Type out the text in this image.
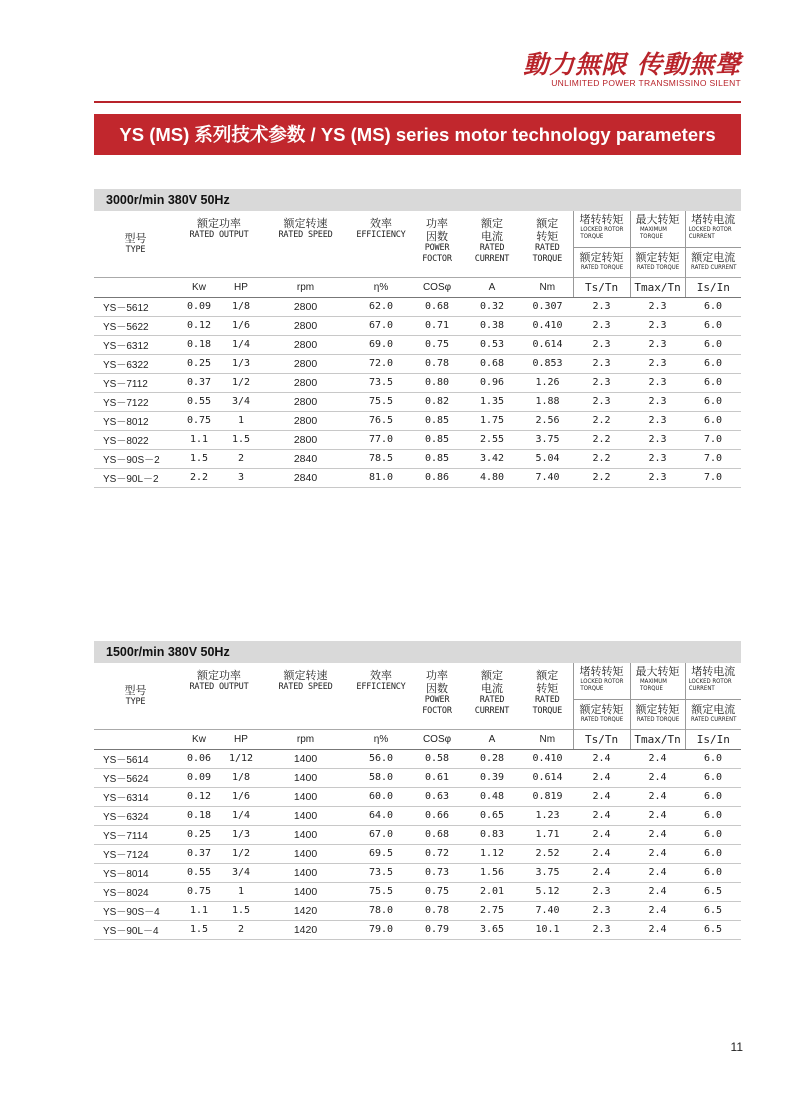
動力無限 传動無聲
UNLIMITED POWER TRANSMISSINO SILENT
YS (MS) 系列技术参数 / YS (MS) series motor technology parameters
3000r/min 380V 50Hz
型号
TYPE	额定功率
RATED OUTPUT		额定转速
RATED SPEED	效率
EFFICIENCY	功率因数
POWER FOCTOR	额定电流
RATED CURRENT	额定转矩
RATED TORQUE	堵转转矩
LOCKED ROTOR TORQUE	最大转矩
MAXIMUM TORQUE	堵转电流
LOCKED ROTOR CURRENT

								额定转矩
RATED TORQUE	额定转矩
RATED TORQUE	额定电流
RATED CURRENT

	Kw	HP	rpm	η%	COSφ	A	Nm	Ts/Tn	Tmax/Tn	Is/In
YS－5612	0.09	1/8	2800	62.0	0.68	0.32	0.307	2.3	2.3	6.0
YS－5622	0.12	1/6	2800	67.0	0.71	0.38	0.410	2.3	2.3	6.0
YS－6312	0.18	1/4	2800	69.0	0.75	0.53	0.614	2.3	2.3	6.0
YS－6322	0.25	1/3	2800	72.0	0.78	0.68	0.853	2.3	2.3	6.0
YS－7112	0.37	1/2	2800	73.5	0.80	0.96	1.26	2.3	2.3	6.0
YS－7122	0.55	3/4	2800	75.5	0.82	1.35	1.88	2.3	2.3	6.0
YS－8012	0.75	1	2800	76.5	0.85	1.75	2.56	2.2	2.3	6.0
YS－8022	1.1	1.5	2800	77.0	0.85	2.55	3.75	2.2	2.3	7.0
YS－90S－2	1.5	2	2840	78.5	0.85	3.42	5.04	2.2	2.3	7.0
YS－90L－2	2.2	3	2840	81.0	0.86	4.80	7.40	2.2	2.3	7.0
1500r/min 380V 50Hz
型号
TYPE	额定功率
RATED OUTPUT		额定转速
RATED SPEED	效率
EFFICIENCY	功率因数
POWER FOCTOR	额定电流
RATED CURRENT	额定转矩
RATED TORQUE	堵转转矩
LOCKED ROTOR TORQUE	最大转矩
MAXIMUM TORQUE	堵转电流
LOCKED ROTOR CURRENT

								额定转矩
RATED TORQUE	额定转矩
RATED TORQUE	额定电流
RATED CURRENT

	Kw	HP	rpm	η%	COSφ	A	Nm	Ts/Tn	Tmax/Tn	Is/In
YS－5614	0.06	1/12	1400	56.0	0.58	0.28	0.410	2.4	2.4	6.0
YS－5624	0.09	1/8	1400	58.0	0.61	0.39	0.614	2.4	2.4	6.0
YS－6314	0.12	1/6	1400	60.0	0.63	0.48	0.819	2.4	2.4	6.0
YS－6324	0.18	1/4	1400	64.0	0.66	0.65	1.23	2.4	2.4	6.0
YS－7114	0.25	1/3	1400	67.0	0.68	0.83	1.71	2.4	2.4	6.0
YS－7124	0.37	1/2	1400	69.5	0.72	1.12	2.52	2.4	2.4	6.0
YS－8014	0.55	3/4	1400	73.5	0.73	1.56	3.75	2.4	2.4	6.0
YS－8024	0.75	1	1400	75.5	0.75	2.01	5.12	2.3	2.4	6.5
YS－90S－4	1.1	1.5	1420	78.0	0.78	2.75	7.40	2.3	2.4	6.5
YS－90L－4	1.5	2	1420	79.0	0.79	3.65	10.1	2.3	2.4	6.5
11
